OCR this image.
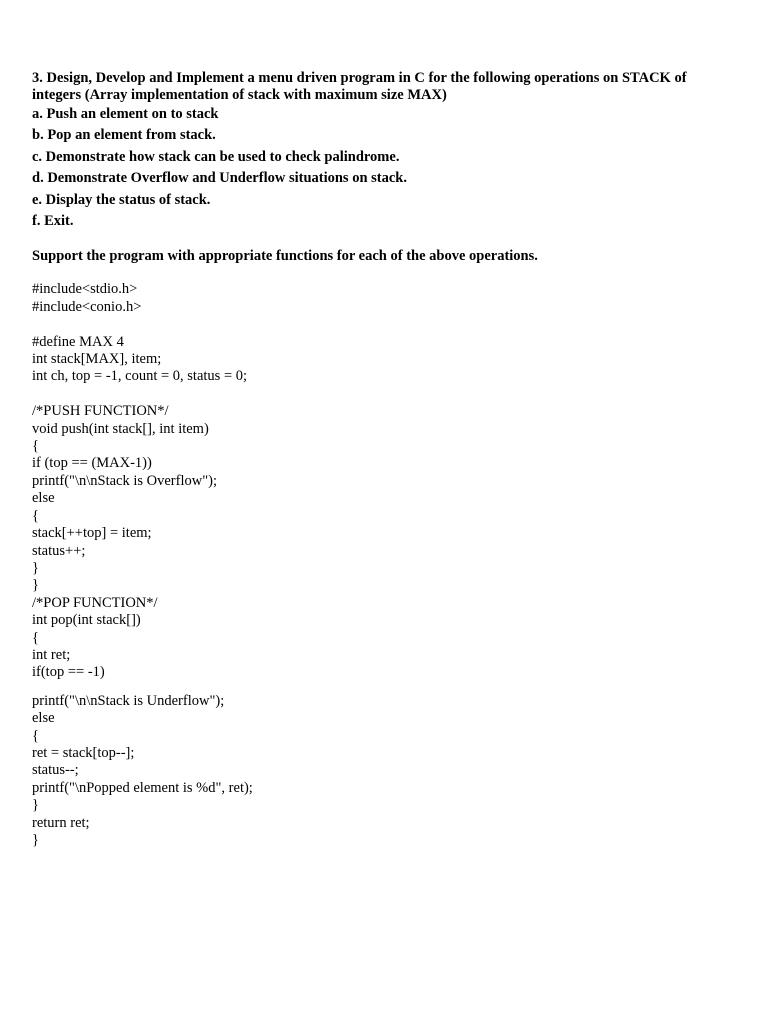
3. Design, Develop and Implement a menu driven program in C for the following operations on STACK of integers (Array implementation of stack with maximum size MAX)

a. Push an element on to stack
b. Pop an element from stack.
c. Demonstrate how stack can be used to check palindrome.
d. Demonstrate Overflow and Underflow situations on stack.
e. Display the status of stack.
f. Exit.

Support the program with appropriate functions for each of the above operations.

#include<stdio.h>
#include<conio.h>
#define MAX 4
int stack[MAX], item;
int ch, top = -1, count = 0, status = 0;
/*PUSH FUNCTION*/
void push(int stack[], int item)
{
if (top == (MAX-1))
printf("\n\nStack is Overflow");
else
{
stack[++top] = item;
status++;
}
}
/*POP FUNCTION*/
int pop(int stack[])
{
int ret;
if(top == -1)
printf("\n\nStack is Underflow");
else
{
ret = stack[top--];
status--;
printf("\nPopped element is %d", ret);
}
return ret;
}
